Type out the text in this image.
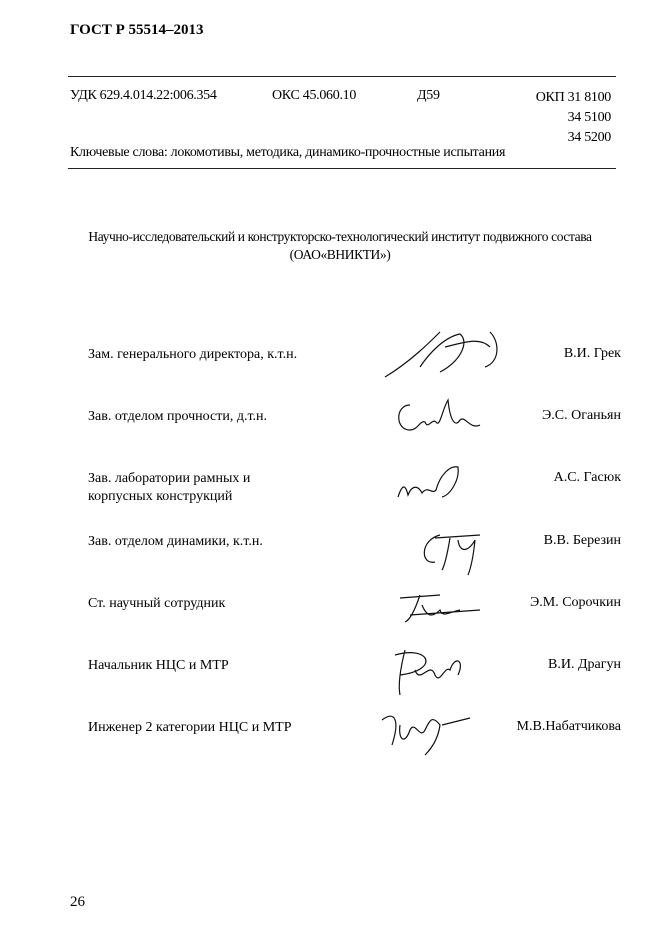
ГОСТ Р 55514–2013
УДК 629.4.014.22:006.354	ОКС 45.060.10	Д59	ОКП 31 8100
34 5100
34 5200
Ключевые слова: локомотивы, методика, динамико-прочностные испытания
Научно-исследовательский и конструкторско-технологический институт подвижного состава
(ОАО«ВНИКТИ»)
Зам. генерального директора, к.т.н.	В.И. Грек
Зав. отделом прочности, д.т.н.	Э.С. Оганьян
Зав. лаборатории рамных и корпусных конструкций
А.С. Гасюк
Зав. отделом динамики, к.т.н.	В.В. Березин
Ст. научный сотрудник	Э.М. Сорочкин
Начальник НЦС и МТР	В.И. Драгун
Инженер 2 категории НЦС и МТР	М.В.Набатчикова
26
